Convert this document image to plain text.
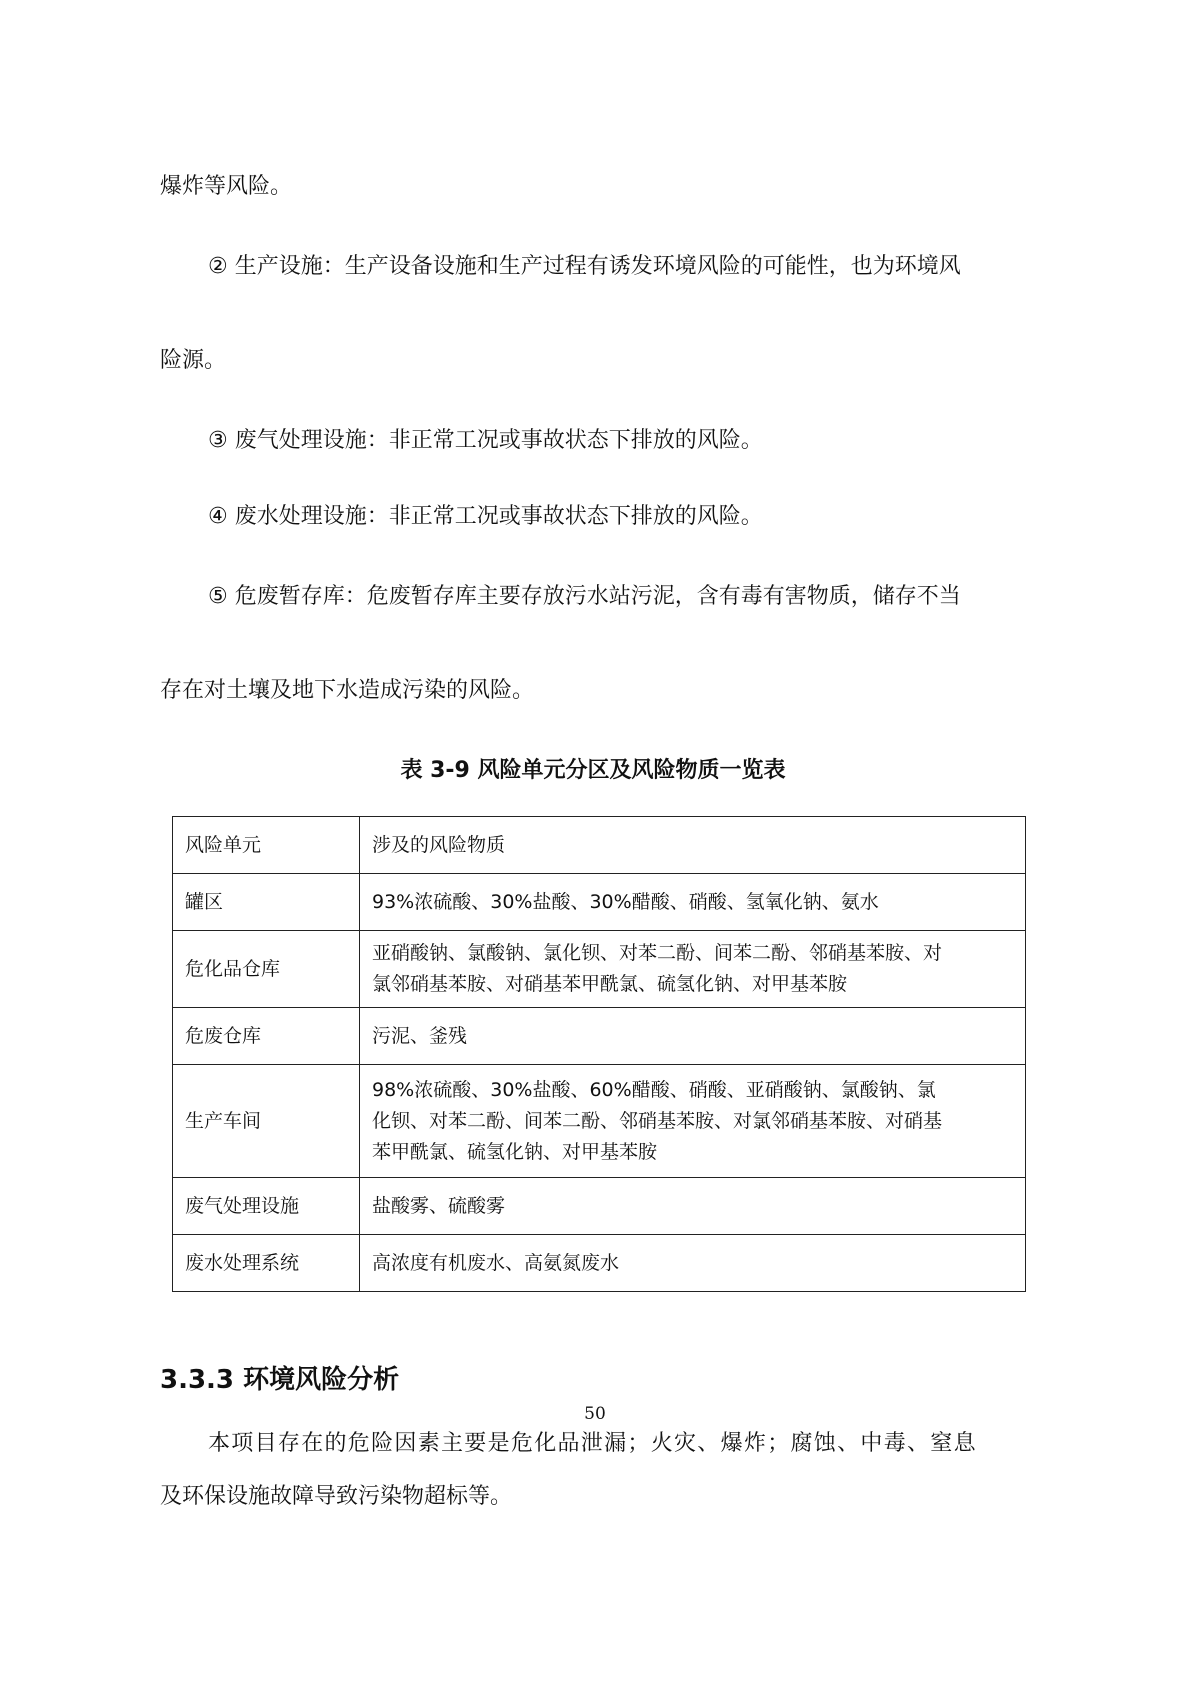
爆炸等风险。
② 生产设施：生产设备设施和生产过程有诱发环境风险的可能性，也为环境风
险源。
③ 废气处理设施：非正常工况或事故状态下排放的风险。
④ 废水处理设施：非正常工况或事故状态下排放的风险。
⑤ 危废暂存库：危废暂存库主要存放污水站污泥，含有毒有害物质，储存不当
存在对土壤及地下水造成污染的风险。
表 3-9 风险单元分区及风险物质一览表
风险单元	涉及的风险物质
罐区	93%浓硫酸、30%盐酸、30%醋酸、硝酸、氢氧化钠、氨水

危化品仓库	亚硝酸钠、氯酸钠、氯化钡、对苯二酚、间苯二酚、邻硝基苯胺、对
氯邻硝基苯胺、对硝基苯甲酰氯、硫氢化钠、对甲基苯胺

危废仓库	污泥、釜残

生产车间	98%浓硫酸、30%盐酸、60%醋酸、硝酸、亚硝酸钠、氯酸钠、氯
化钡、对苯二酚、间苯二酚、邻硝基苯胺、对氯邻硝基苯胺、对硝基
苯甲酰氯、硫氢化钠、对甲基苯胺

废气处理设施	盐酸雾、硫酸雾

废水处理系统	高浓度有机废水、高氨氮废水
3.3.3 环境风险分析
50
本项目存在的危险因素主要是危化品泄漏；火灾、爆炸；腐蚀、中毒、窒息
及环保设施故障导致污染物超标等。
